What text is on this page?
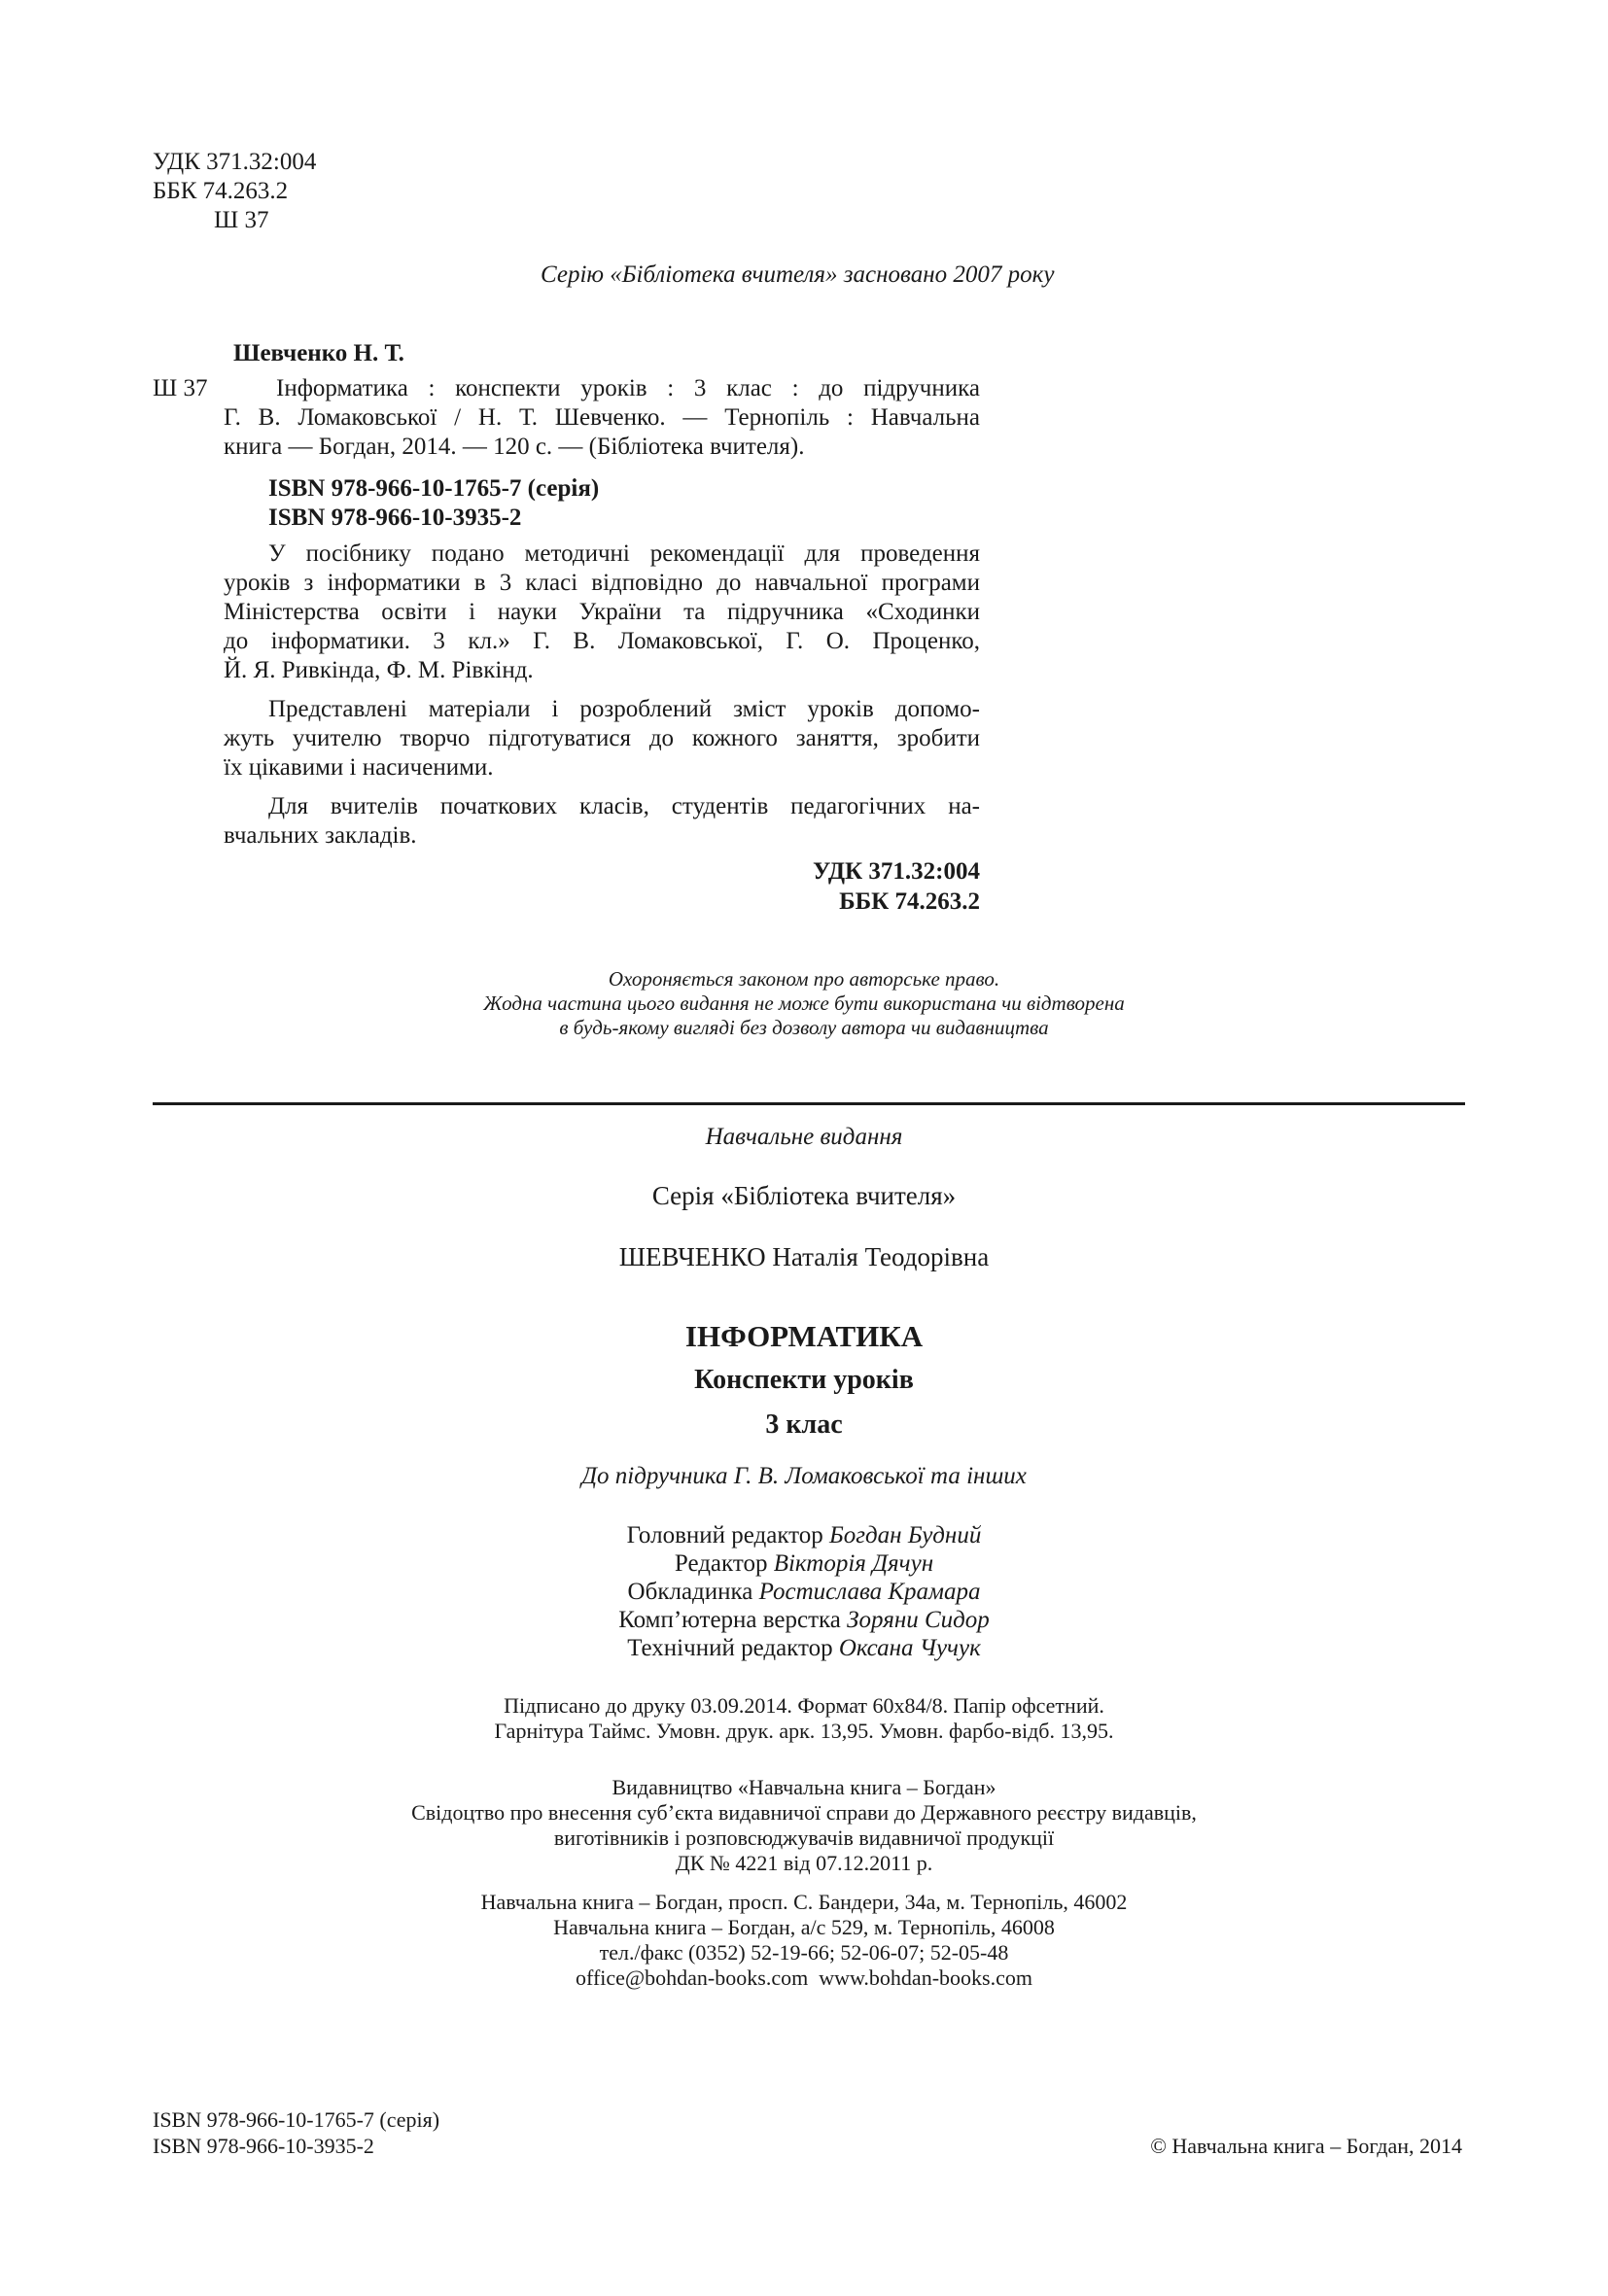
УДК 371.32:004
ББК 74.263.2
Ш 37
Серію «Бібліотека вчителя» засновано 2007 року
Шевченко Н. Т.
Ш 37	Інформатика : конспекти уроків : 3 клас : до підручника
Г. В. Ломаковської / Н. Т. Шевченко. — Тернопіль : Навчальна
книга — Богдан, 2014. — 120 с. — (Бібліотека вчителя).
ISBN 978-966-10-1765-7 (серія)
ISBN 978-966-10-3935-2
У посібнику подано методичні рекомендації для проведення
уроків з інформатики в 3 класі відповідно до навчальної програми
Міністерства освіти і науки України та підручника «Сходинки
до інформатики. 3 кл.» Г. В. Ломаковської, Г. О. Проценко,
Й. Я. Ривкінда, Ф. М. Рівкінд.
Представлені матеріали і розроблений зміст уроків допомо-
жуть учителю творчо підготуватися до кожного заняття, зробити
їх цікавими і насиченими.
Для вчителів початкових класів, студентів педагогічних на-
вчальних закладів.
УДК 371.32:004
ББК 74.263.2
Охороняється законом про авторське право.
Жодна частина цього видання не може бути використана чи відтворена
в будь-якому вигляді без дозволу автора чи видавництва
Навчальне видання
Серія «Бібліотека вчителя»
ШЕВЧЕНКО Наталія Теодорівна
ІНФОРМАТИКА
Конспекти уроків
3 клас
До підручника Г. В. Ломаковської та інших
Головний редактор Богдан Будний
Редактор Вікторія Дячун
Обкладинка Ростислава Крамара
Комп’ютерна верстка Зоряни Сидор
Технічний редактор Оксана Чучук
Підписано до друку 03.09.2014. Формат 60х84/8. Папір офсетний.
Гарнітура Таймс. Умовн. друк. арк. 13,95. Умовн. фарбо-відб. 13,95.
Видавництво «Навчальна книга – Богдан»
Свідоцтво про внесення суб’єкта видавничої справи до Державного реєстру видавців,
виготівників і розповсюджувачів видавничої продукції
ДК № 4221 від 07.12.2011 р.
Навчальна книга – Богдан, просп. С. Бандери, 34а, м. Тернопіль, 46002
Навчальна книга – Богдан, а/с 529, м. Тернопіль, 46008
тел./факс (0352) 52-19-66; 52-06-07; 52-05-48
office@bohdan-books.com  www.bohdan-books.com
ISBN 978-966-10-1765-7 (серія)
ISBN 978-966-10-3935-2	© Навчальна книга – Богдан, 2014
